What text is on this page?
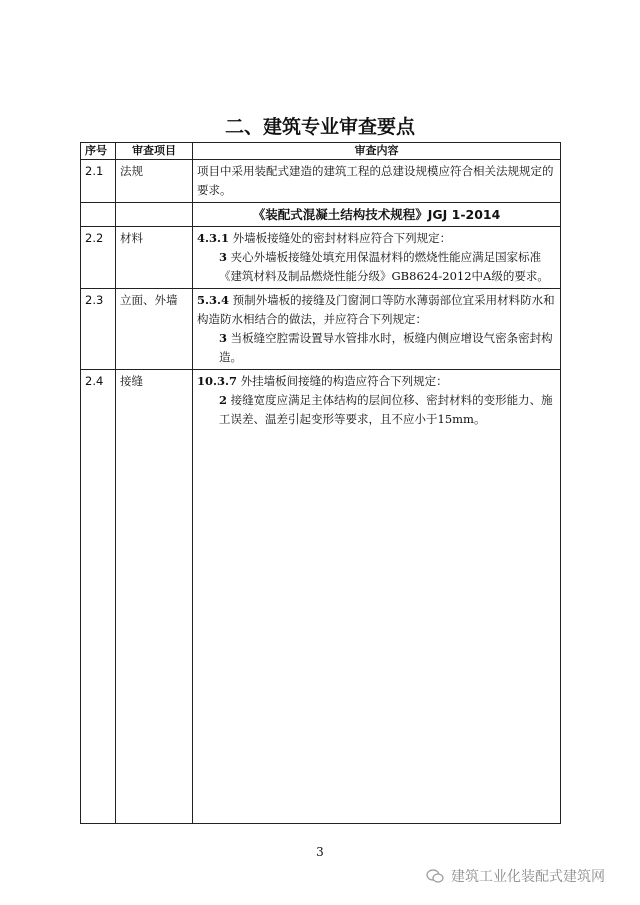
二、建筑专业审查要点
序号	审查项目	审查内容
2.1	法规	项目中采用装配式建造的建筑工程的总建设规模应符合相关法规规定的要求。
		《装配式混凝土结构技术规程》JGJ 1-2014
2.2	材料	4.3.1 外墙板接缝处的密封材料应符合下列规定：
3 夹心外墙板接缝处填充用保温材料的燃烧性能应满足国家标准《建筑材料及制品燃烧性能分级》GB8624-2012中A级的要求。

2.3	立面、外墙	5.3.4 预制外墙板的接缝及门窗洞口等防水薄弱部位宜采用材料防水和构造防水相结合的做法，并应符合下列规定：
3 当板缝空腔需设置导水管排水时，板缝内侧应增设气密条密封构造。

2.4	接缝	10.3.7 外挂墙板间接缝的构造应符合下列规定：
2 接缝宽度应满足主体结构的层间位移、密封材料的变形能力、施工误差、温差引起变形等要求，且不应小于15mm。
3
建筑工业化装配式建筑网
